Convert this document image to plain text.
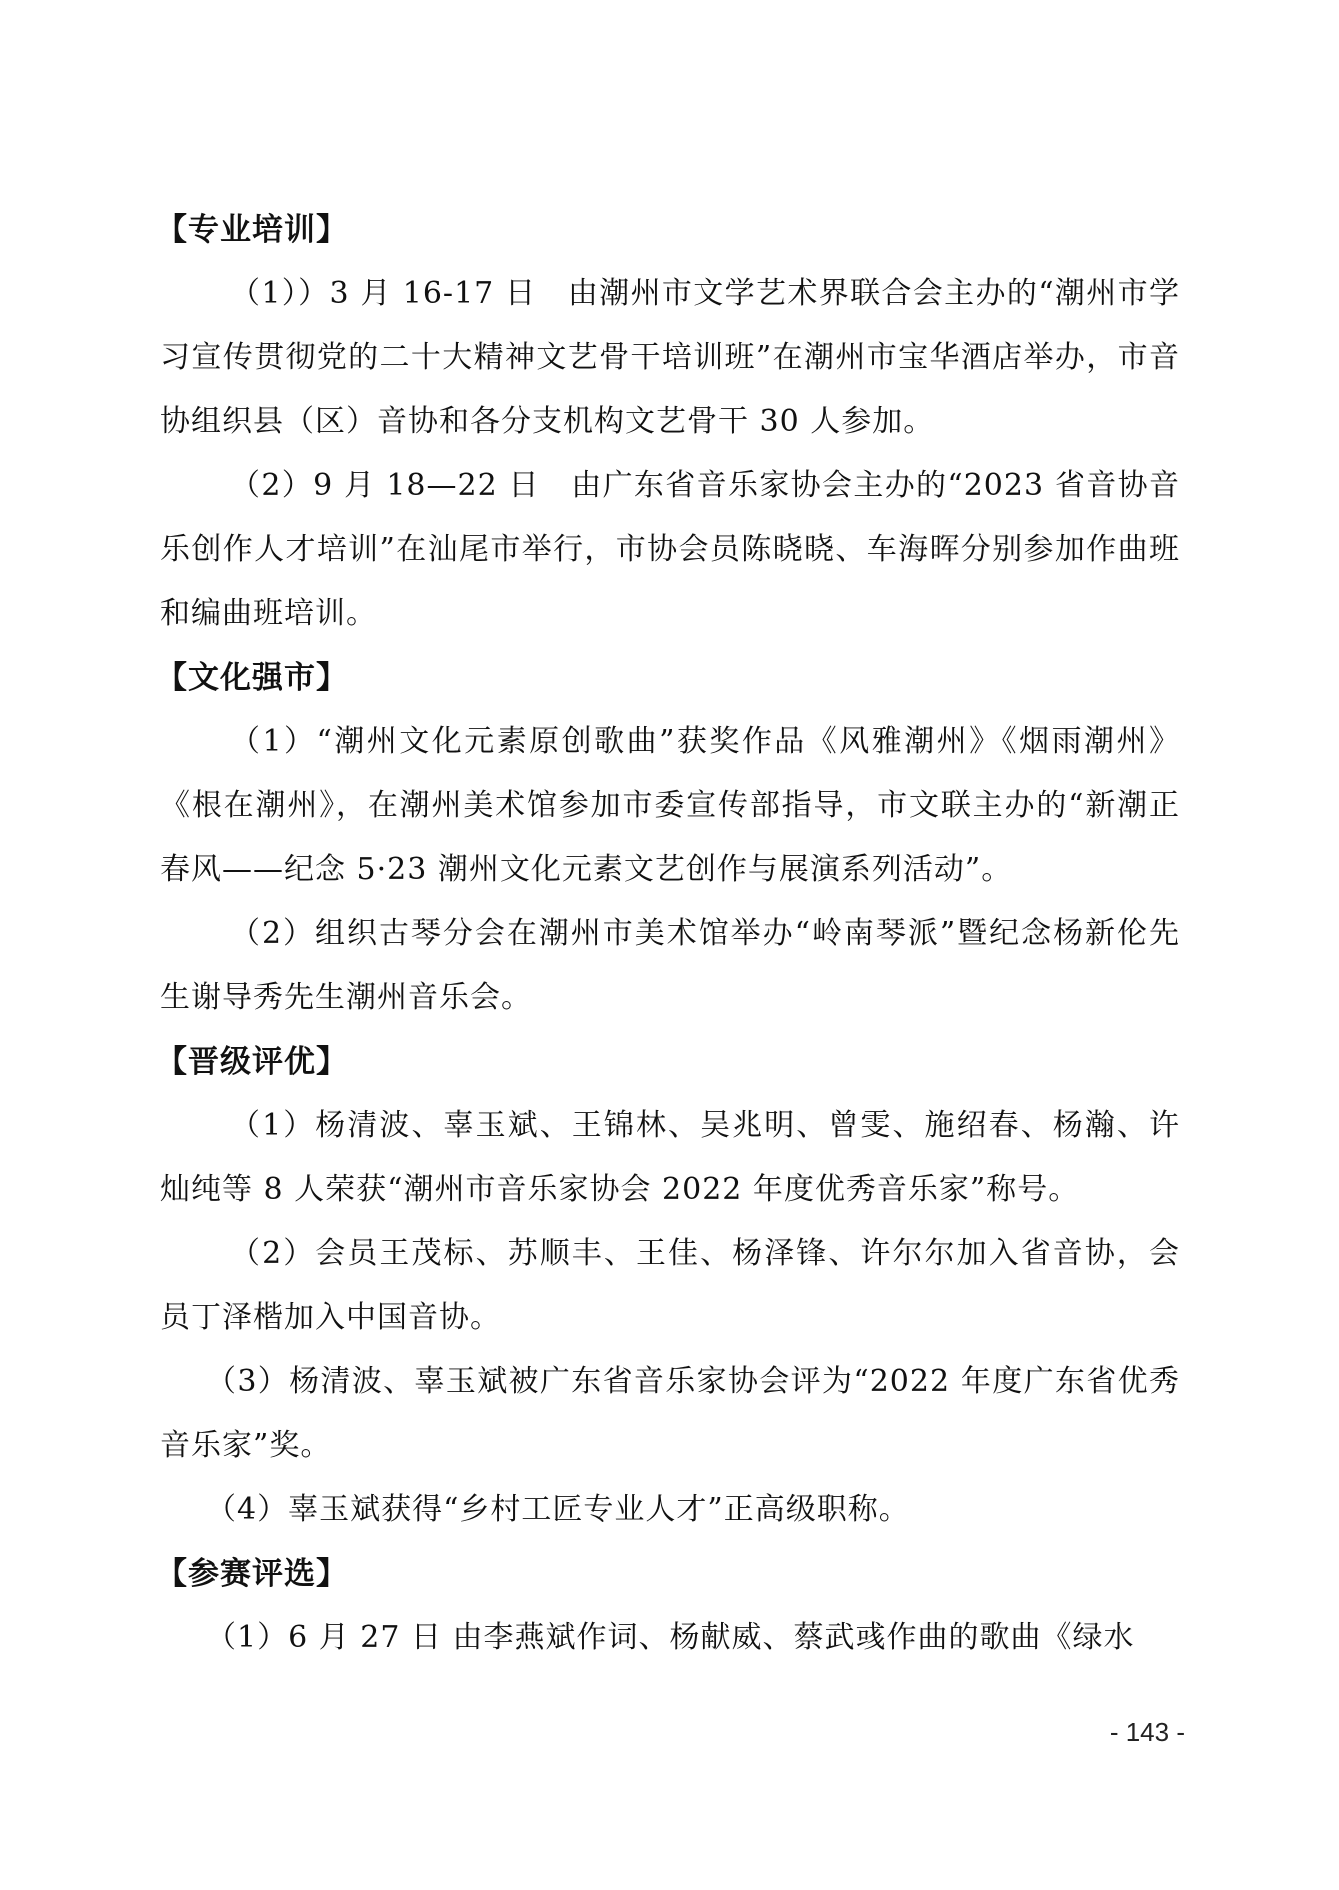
【专业培训】

（1））3 月 16-17 日　由潮州市文学艺术界联合会主办的“潮州市学习宣传贯彻党的二十大精神文艺骨干培训班”在潮州市宝华酒店举办，市音协组织县（区）音协和各分支机构文艺骨干 30 人参加。

（2）9 月 18—22 日　由广东省音乐家协会主办的“2023 省音协音乐创作人才培训”在汕尾市举行，市协会员陈晓晓、车海晖分别参加作曲班和编曲班培训。

【文化强市】

（1）“潮州文化元素原创歌曲”获奖作品《风雅潮州》《烟雨潮州》《根在潮州》，在潮州美术馆参加市委宣传部指导，市文联主办的“新潮正春风——纪念 5·23 潮州文化元素文艺创作与展演系列活动”。

（2）组织古琴分会在潮州市美术馆举办“岭南琴派”暨纪念杨新伦先生谢导秀先生潮州音乐会。

【晋级评优】

（1）杨清波、辜玉斌、王锦林、吴兆明、曾雯、施绍春、杨瀚、许灿纯等 8 人荣获“潮州市音乐家协会 2022 年度优秀音乐家”称号。

（2）会员王茂标、苏顺丰、王佳、杨泽锋、许尔尔加入省音协，会员丁泽楷加入中国音协。

（3）杨清波、辜玉斌被广东省音乐家协会评为“2022 年度广东省优秀音乐家”奖。

（4）辜玉斌获得“乡村工匠专业人才”正高级职称。

【参赛评选】

（1）6 月 27 日 由李燕斌作词、杨献威、蔡武彧作曲的歌曲《绿水

- 143 -
